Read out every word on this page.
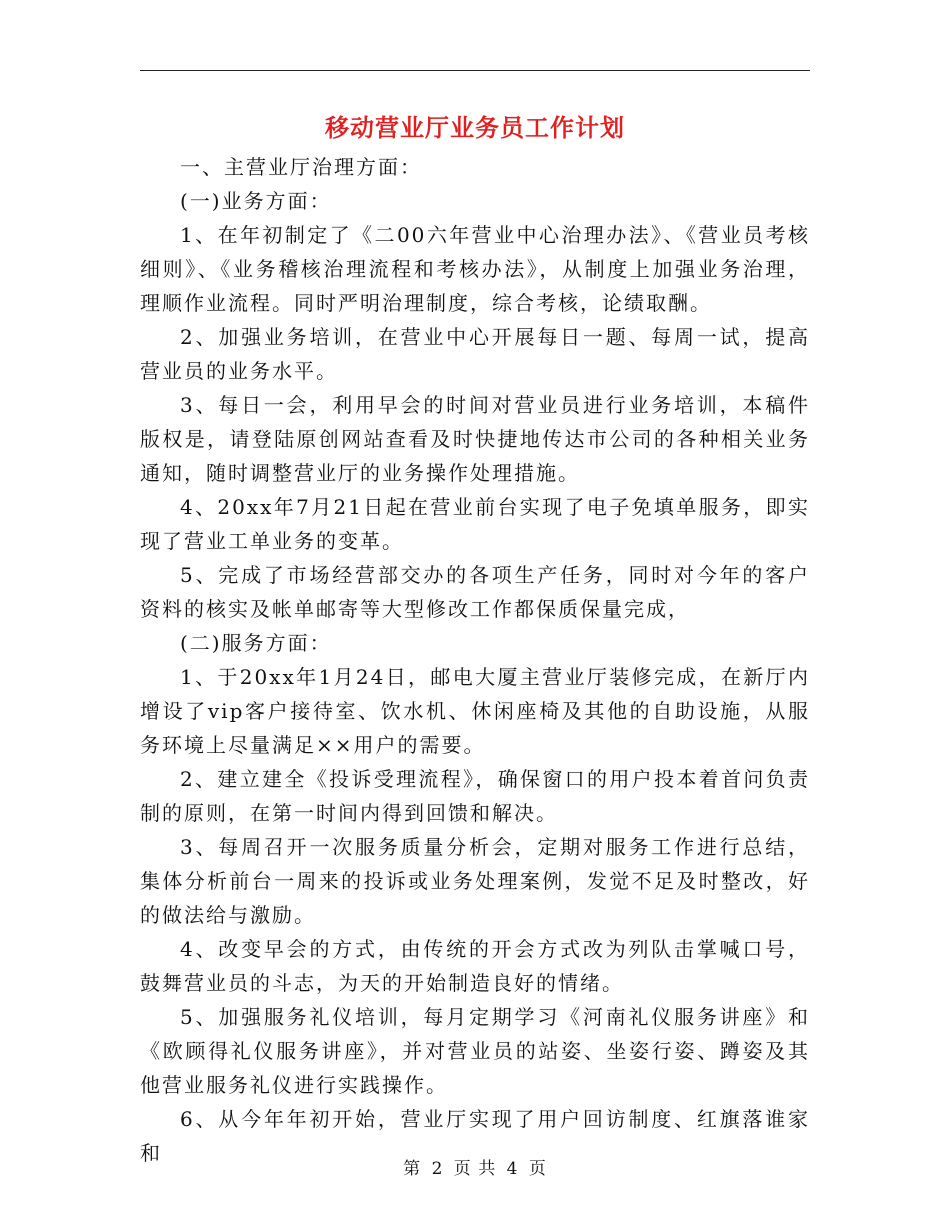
移动营业厅业务员工作计划

一、主营业厅治理方面：

(一)业务方面：

1、在年初制定了《二00六年营业中心治理办法》、《营业员考核细则》、《业务稽核治理流程和考核办法》，从制度上加强业务治理，理顺作业流程。同时严明治理制度，综合考核，论绩取酬。

2、加强业务培训，在营业中心开展每日一题、每周一试，提高营业员的业务水平。

3、每日一会，利用早会的时间对营业员进行业务培训，本稿件版权是，请登陆原创网站查看及时快捷地传达市公司的各种相关业务通知，随时调整营业厅的业务操作处理措施。

4、20xx年7月21日起在营业前台实现了电子免填单服务，即实现了营业工单业务的变革。

5、完成了市场经营部交办的各项生产任务，同时对今年的客户资料的核实及帐单邮寄等大型修改工作都保质保量完成，

(二)服务方面：

1、于20xx年1月24日，邮电大厦主营业厅装修完成，在新厅内增设了vip客户接待室、饮水机、休闲座椅及其他的自助设施，从服务环境上尽量满足××用户的需要。

2、建立建全《投诉受理流程》，确保窗口的用户投本着首问负责制的原则，在第一时间内得到回馈和解决。

3、每周召开一次服务质量分析会，定期对服务工作进行总结，集体分析前台一周来的投诉或业务处理案例，发觉不足及时整改，好的做法给与激励。

4、改变早会的方式，由传统的开会方式改为列队击掌喊口号，鼓舞营业员的斗志，为天的开始制造良好的情绪。

5、加强服务礼仪培训，每月定期学习《河南礼仪服务讲座》和《欧顾得礼仪服务讲座》，并对营业员的站姿、坐姿行姿、蹲姿及其他营业服务礼仪进行实践操作。

6、从今年年初开始，营业厅实现了用户回访制度、红旗落谁家和

第 2 页 共 4 页
